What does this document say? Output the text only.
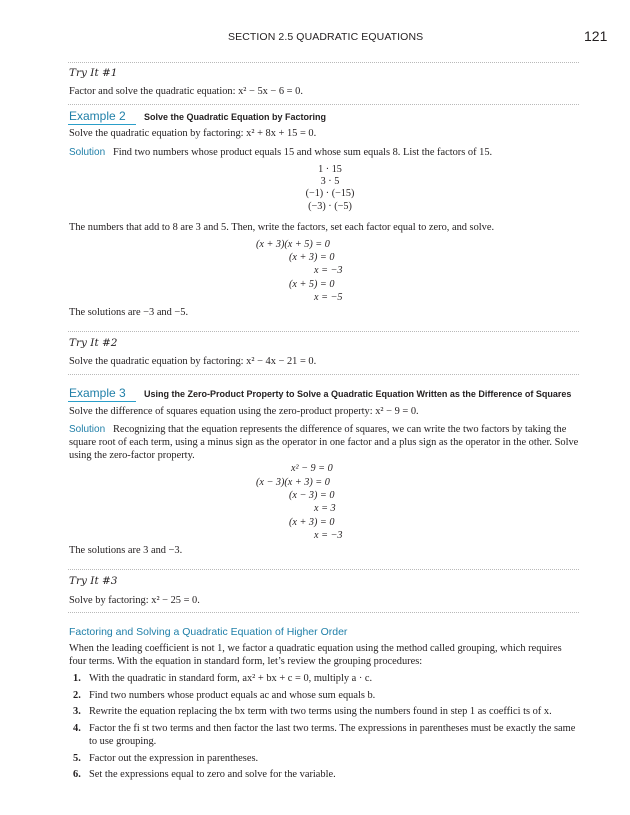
SECTION 2.5 QUADRATIC EQUATIONS	121
Try It #1
Factor and solve the quadratic equation: x² − 5x − 6 = 0.
Example 2 Solve the Quadratic Equation by Factoring
Solve the quadratic equation by factoring: x² + 8x + 15 = 0.
Solution Find two numbers whose product equals 15 and whose sum equals 8. List the factors of 15.
1 · 15
3 · 5
(−1) · (−15)
(−3) · (−5)
The numbers that add to 8 are 3 and 5. Then, write the factors, set each factor equal to zero, and solve.
(x + 3)(x + 5) = 0
(x + 3) = 0
x = −3
(x + 5) = 0
x = −5
The solutions are −3 and −5.
Try It #2
Solve the quadratic equation by factoring: x² − 4x − 21 = 0.
Example 3 Using the Zero-Product Property to Solve a Quadratic Equation Written as the Difference of Squares
Solve the difference of squares equation using the zero-product property: x² − 9 = 0.
Solution Recognizing that the equation represents the difference of squares, we can write the two factors by taking the square root of each term, using a minus sign as the operator in one factor and a plus sign as the operator in the other. Solve using the zero-factor property.
x² − 9 = 0
(x − 3)(x + 3) = 0
(x − 3) = 0
x = 3
(x + 3) = 0
x = −3
The solutions are 3 and −3.
Try It #3
Solve by factoring: x² − 25 = 0.
Factoring and Solving a Quadratic Equation of Higher Order
When the leading coefficient is not 1, we factor a quadratic equation using the method called grouping, which requires four terms. With the equation in standard form, let’s review the grouping procedures:
1. With the quadratic in standard form, ax² + bx + c = 0, multiply a · c.
2. Find two numbers whose product equals ac and whose sum equals b.
3. Rewrite the equation replacing the bx term with two terms using the numbers found in step 1 as coeffici ts of x.
4. Factor the fi st two terms and then factor the last two terms. The expressions in parentheses must be exactly the same to use grouping.
5. Factor out the expression in parentheses.
6. Set the expressions equal to zero and solve for the variable.
